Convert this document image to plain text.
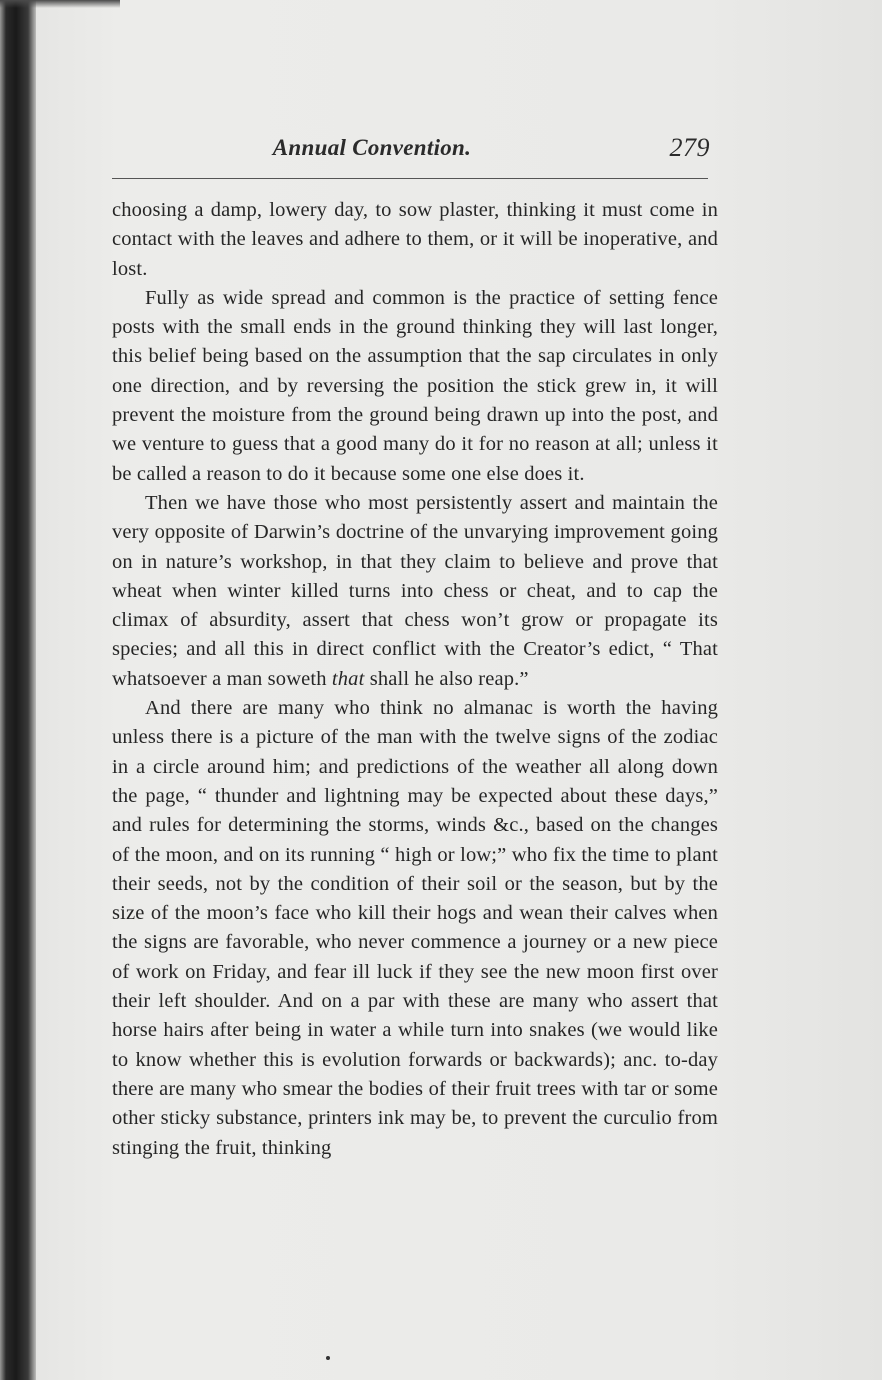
Annual Convention.	279

choosing a damp, lowery day, to sow plaster, thinking it must come in contact with the leaves and adhere to them, or it will be inoperative, and lost.

Fully as wide spread and common is the practice of setting fence posts with the small ends in the ground thinking they will last longer, this belief being based on the assumption that the sap circulates in only one direction, and by reversing the position the stick grew in, it will prevent the moisture from the ground being drawn up into the post, and we venture to guess that a good many do it for no reason at all; unless it be called a reason to do it because some one else does it.

Then we have those who most persistently assert and maintain the very opposite of Darwin’s doctrine of the unvarying improvement going on in nature’s workshop, in that they claim to believe and prove that wheat when winter killed turns into chess or cheat, and to cap the climax of absurdity, assert that chess won’t grow or propagate its species; and all this in direct conflict with the Creator’s edict, “ That whatsoever a man soweth that shall he also reap.”

And there are many who think no almanac is worth the having unless there is a picture of the man with the twelve signs of the zodiac in a circle around him; and predictions of the weather all along down the page, “ thunder and lightning may be expected about these days,” and rules for determining the storms, winds &c., based on the changes of the moon, and on its running “ high or low;” who fix the time to plant their seeds, not by the condition of their soil or the season, but by the size of the moon’s face who kill their hogs and wean their calves when the signs are favorable, who never commence a journey or a new piece of work on Friday, and fear ill luck if they see the new moon first over their left shoulder. And on a par with these are many who assert that horse hairs after being in water a while turn into snakes (we would like to know whether this is evolution forwards or backwards); anc. to-day there are many who smear the bodies of their fruit trees with tar or some other sticky substance, printers ink may be, to prevent the curculio from stinging the fruit, thinking
